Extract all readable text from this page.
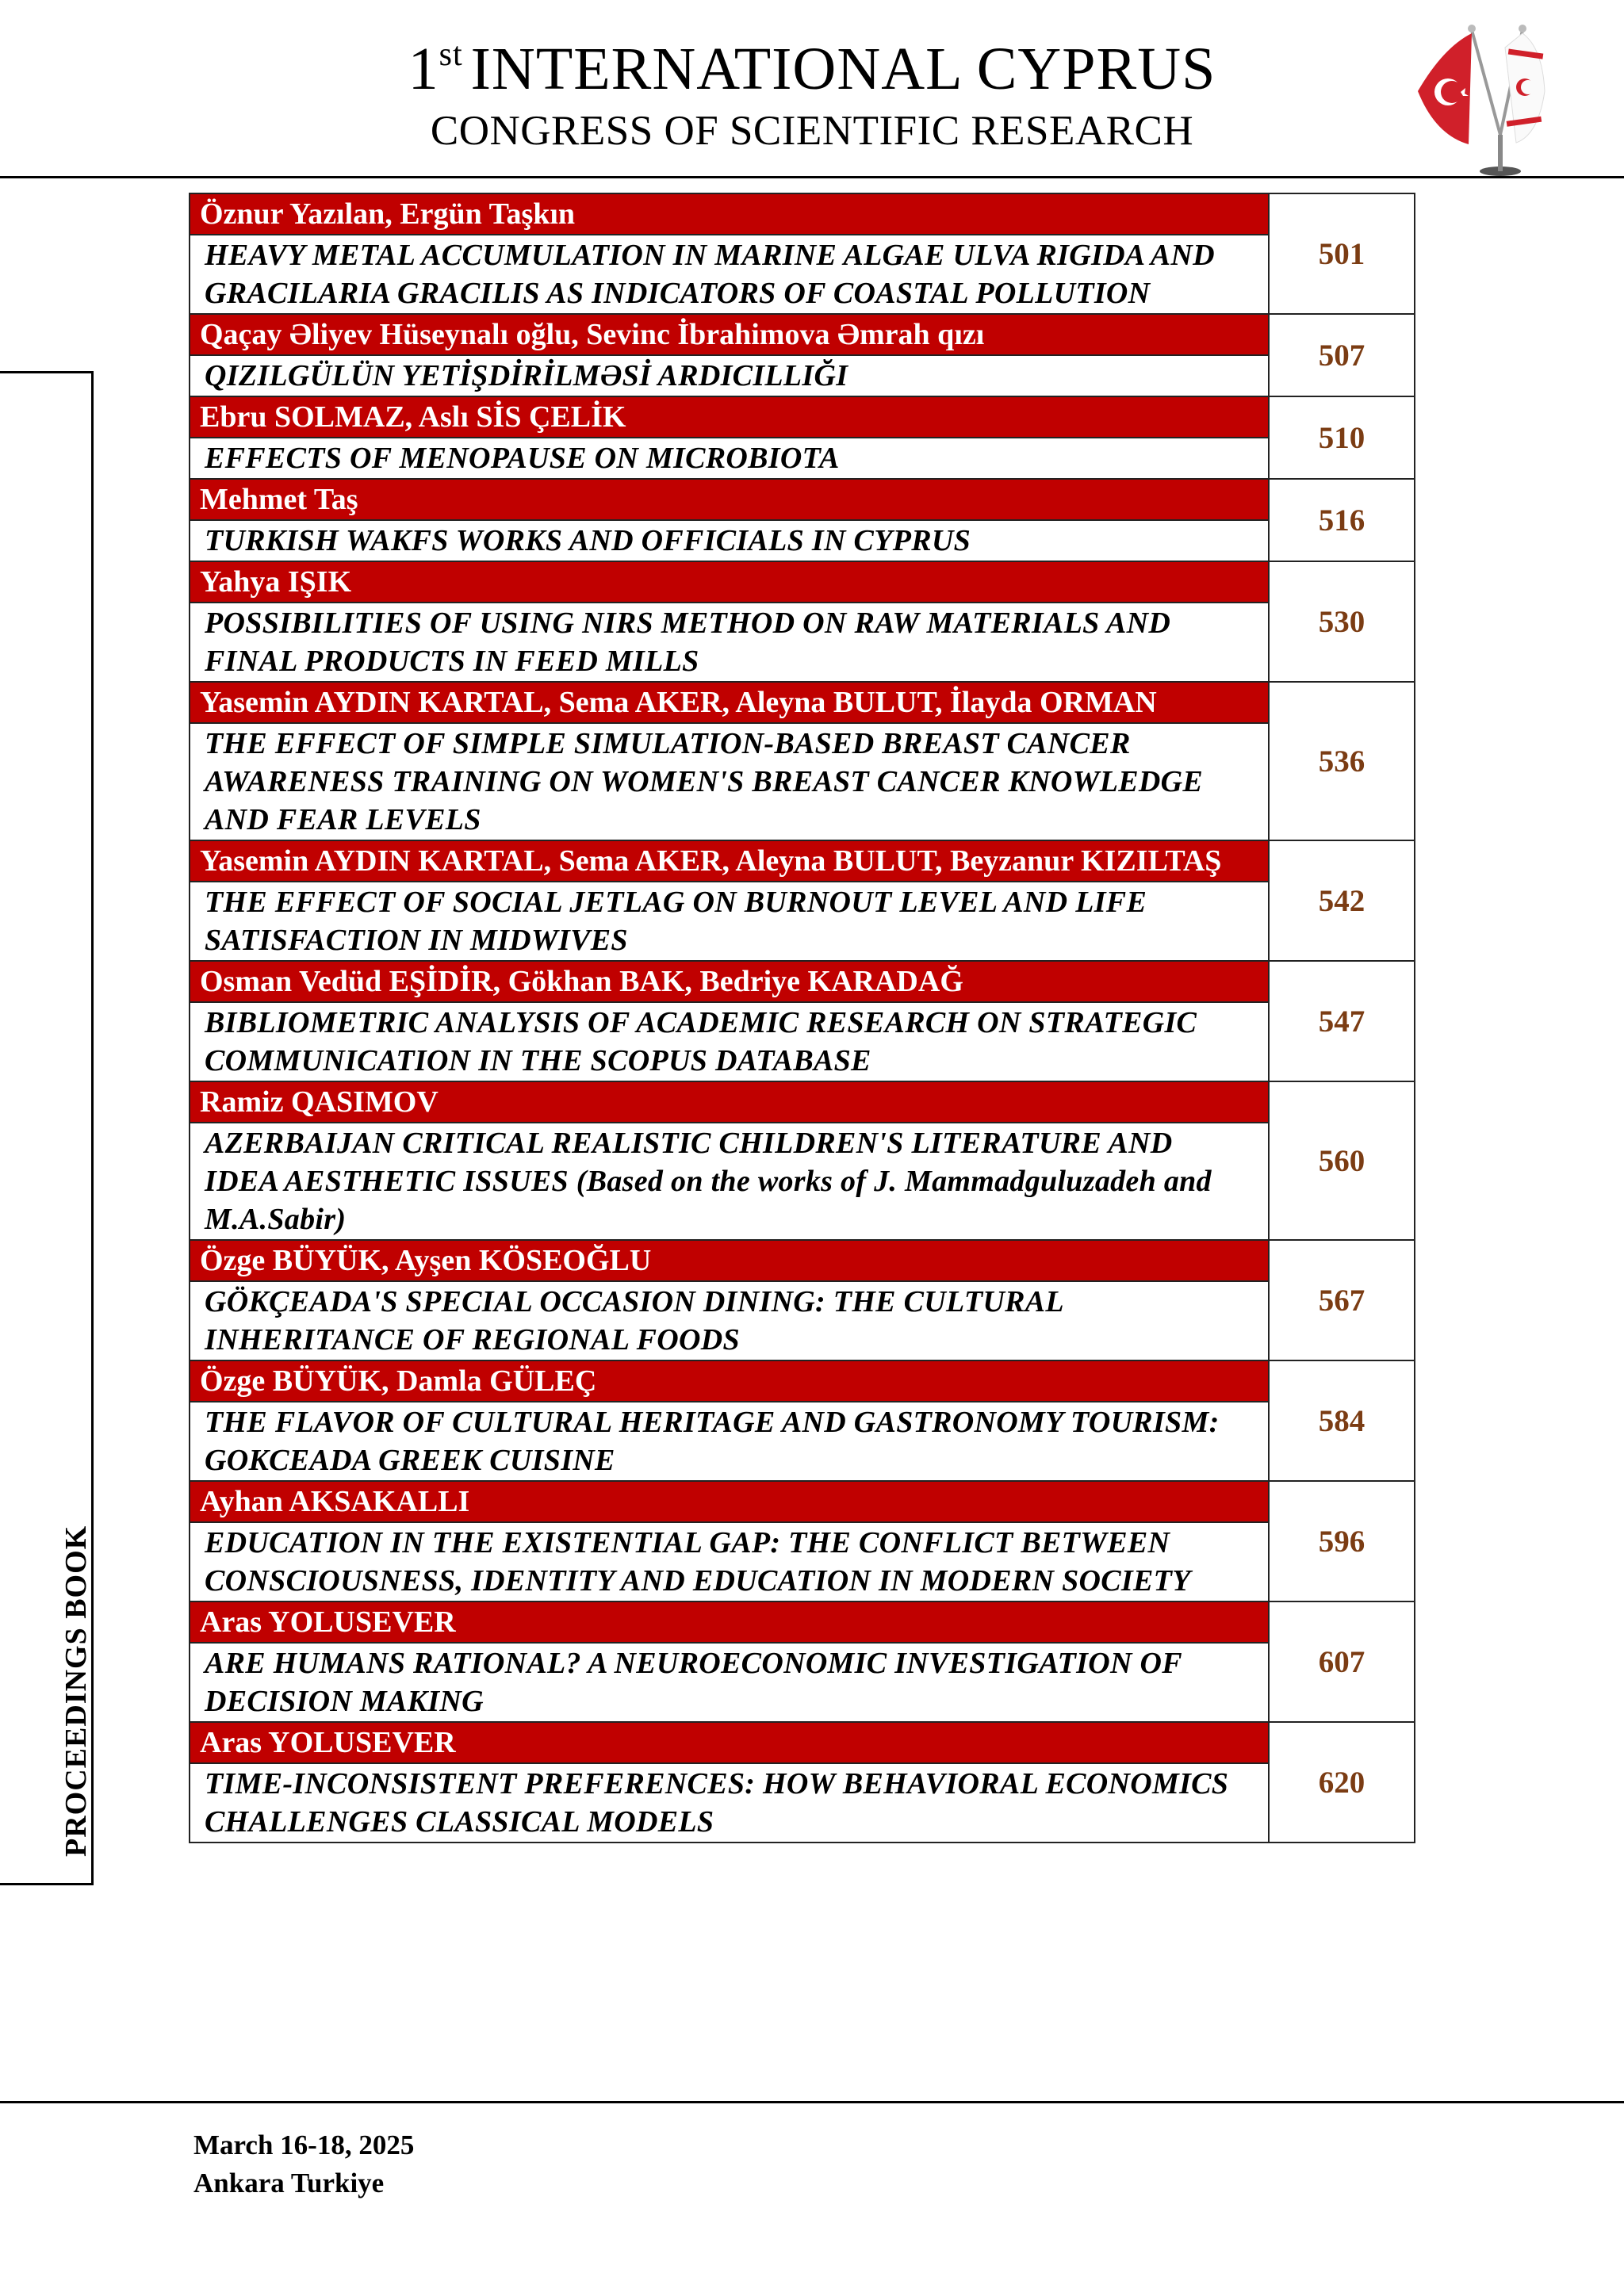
1st INTERNATIONAL CYPRUS
CONGRESS OF SCIENTIFIC RESEARCH
PROCEEDINGS BOOK
Öznur Yazılan, Ergün Taşkın	501
HEAVY METAL ACCUMULATION IN MARINE ALGAE ULVA RIGIDA AND GRACILARIA GRACILIS AS INDICATORS OF COASTAL POLLUTION	
Qaçay Əliyev Hüseynalı oğlu, Sevinc İbrahimova Əmrah qızı	507
QIZILGÜLÜN YETİŞDİRİLMƏSİ ARDICILLIĞI	
Ebru SOLMAZ, Aslı SİS ÇELİK	510
EFFECTS OF MENOPAUSE ON MICROBIOTA	
Mehmet Taş	516
TURKISH WAKFS WORKS AND OFFICIALS IN CYPRUS	
Yahya IŞIK	530
POSSIBILITIES OF USING NIRS METHOD ON RAW MATERIALS AND FINAL PRODUCTS IN FEED MILLS	
Yasemin AYDIN KARTAL, Sema AKER, Aleyna BULUT, İlayda ORMAN	536
THE EFFECT OF SIMPLE SIMULATION-BASED BREAST CANCER AWARENESS TRAINING ON WOMEN'S BREAST CANCER KNOWLEDGE AND FEAR LEVELS	
Yasemin AYDIN KARTAL, Sema AKER, Aleyna BULUT, Beyzanur KIZILTAŞ	542
THE EFFECT OF SOCIAL JETLAG ON BURNOUT LEVEL AND LIFE SATISFACTION IN MIDWIVES	
Osman Vedüd EŞİDİR, Gökhan BAK, Bedriye KARADAĞ	547
BIBLIOMETRIC ANALYSIS OF ACADEMIC RESEARCH ON STRATEGIC COMMUNICATION IN THE SCOPUS DATABASE	
Ramiz QASIMOV	560
AZERBAIJAN CRITICAL REALISTIC CHILDREN'S LITERATURE AND IDEA AESTHETIC ISSUES (Based on the works of J. Mammadguluzadeh and M.A.Sabir)	
Özge BÜYÜK, Ayşen KÖSEOĞLU	567
GÖKÇEADA'S SPECIAL OCCASION DINING: THE CULTURAL INHERITANCE OF REGIONAL FOODS	
Özge BÜYÜK, Damla GÜLEÇ	584
THE FLAVOR OF CULTURAL HERITAGE AND GASTRONOMY TOURISM: GOKCEADA GREEK CUISINE	
Ayhan AKSAKALLI	596
EDUCATION IN THE EXISTENTIAL GAP: THE CONFLICT BETWEEN CONSCIOUSNESS, IDENTITY AND EDUCATION IN MODERN SOCIETY	
Aras YOLUSEVER	607
ARE HUMANS RATIONAL? A NEUROECONOMIC INVESTIGATION OF DECISION MAKING	
Aras YOLUSEVER	620
TIME-INCONSISTENT PREFERENCES: HOW BEHAVIORAL ECONOMICS CHALLENGES CLASSICAL MODELS	
March 16-18, 2025
Ankara Turkiye
